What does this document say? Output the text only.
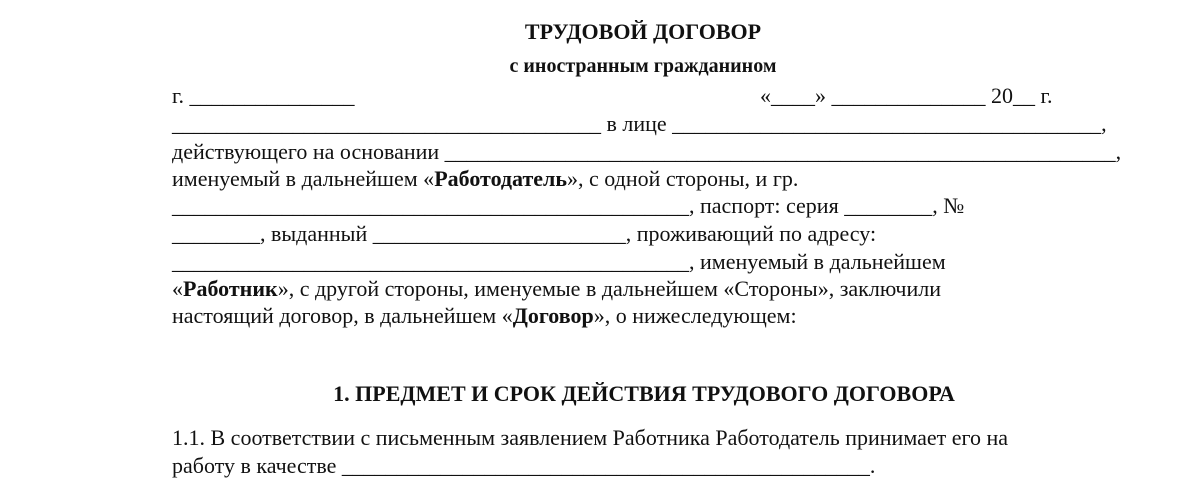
ТРУДОВОЙ ДОГОВОР
с иностранным гражданином
г. _______________	«____» ______________ 20__ г.
_______________________________________ в лице _______________________________________,
действующего на основании _____________________________________________________________,
именуемый в дальнейшем «Работодатель», с одной стороны, и гр.
_______________________________________________, паспорт: серия ________, №
________, выданный _______________________, проживающий по адресу:
_______________________________________________, именуемый в дальнейшем
«Работник», с другой стороны, именуемые в дальнейшем «Стороны», заключили
настоящий договор, в дальнейшем «Договор», о нижеследующем:
1. ПРЕДМЕТ И СРОК ДЕЙСТВИЯ ТРУДОВОГО ДОГОВОРА
1.1. В соответствии с письменным заявлением Работника Работодатель принимает его на
работу в качестве ________________________________________________.
